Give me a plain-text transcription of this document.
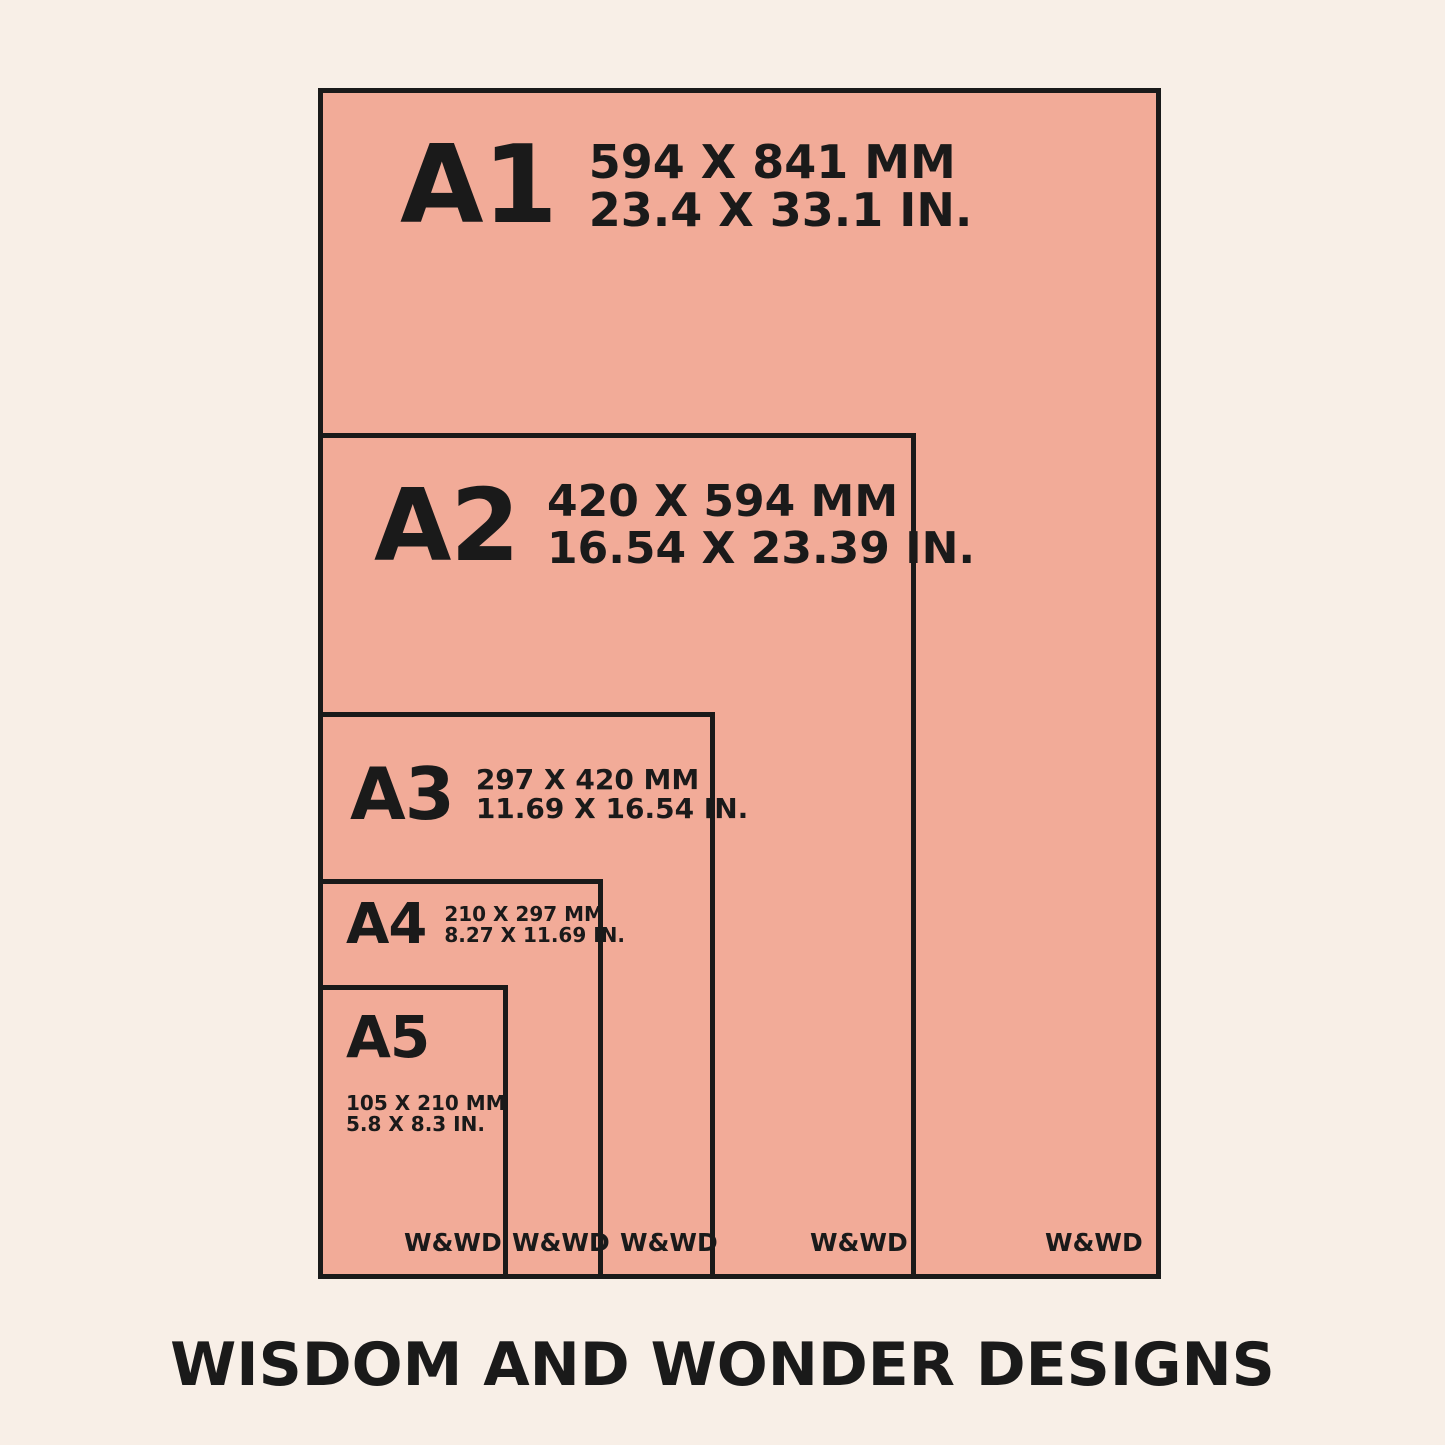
A1 594 X 841 MM
23.4 X 33.1 IN.
A2 420 X 594 MM
16.54 X 23.39 IN.
A3 297 X 420 MM
11.69 X 16.54 IN.
A4 210 X 297 MM
8.27 X 11.69 IN.
A5
105 X 210 MM
5.8 X 8.3 IN.
W&WD W&WD W&WD	W&WD	W&WD
WISDOM AND WONDER DESIGNS
